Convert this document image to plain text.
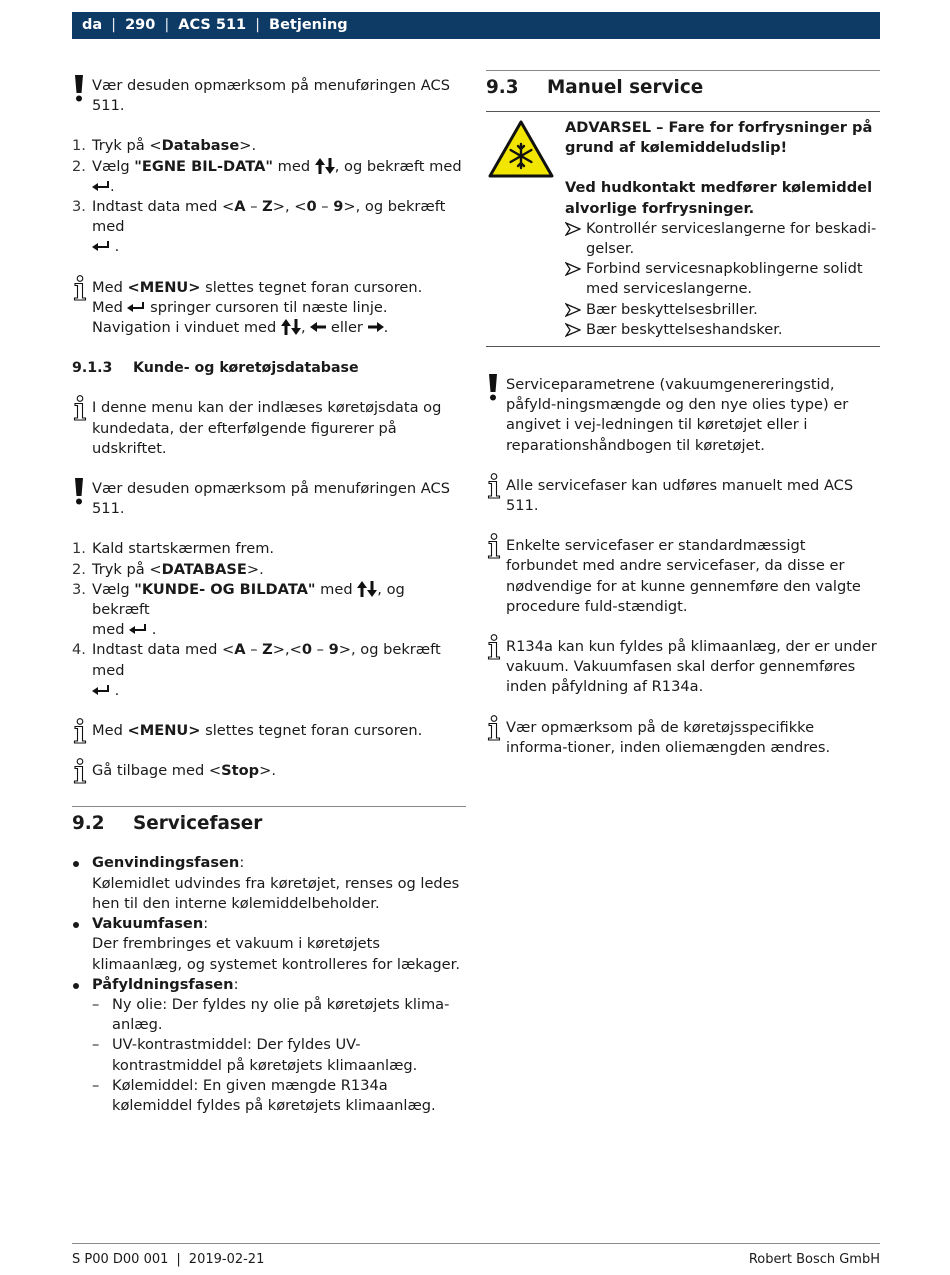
da | 290 | ACS 511 | Betjening
Vær desuden opmærksom på menuføringen ACS 511.
1. Tryk på <Database>.
2. Vælg "EGNE BIL-DATA" med , og bekræft med .
3. Indtast data med <A – Z>, <0 – 9>, og bekræft med
.
Med <MENU> slettes tegnet foran cursoren.
Med  springer cursoren til næste linje.
Navigation i vinduet med ,  eller .
9.1.3 Kunde- og køretøjsdatabase
I denne menu kan der indlæses køretøjsdata og kundedata, der efterfølgende figurerer på udskriftet.
Vær desuden opmærksom på menuføringen ACS 511.
1. Kald startskærmen frem.
2. Tryk på <DATABASE>.
3. Vælg "KUNDE- OG BILDATA" med , og bekræft
med  .
4. Indtast data med <A – Z>,<0 – 9>, og bekræft med
.
Med <MENU> slettes tegnet foran cursoren.
Gå tilbage med <Stop>.
9.2 Servicefaser
Genvindingsfasen:
Kølemidlet udvindes fra køretøjet, renses og ledes hen til den interne kølemiddelbeholder.
Vakuumfasen:
Der frembringes et vakuum i køretøjets klimaanlæg, og systemet kontrolleres for lækager.
Påfyldningsfasen:
– Ny olie: Der fyldes ny olie på køretøjets klima-anlæg.
– UV-kontrastmiddel: Der fyldes UV-kontrastmiddel på køretøjets klimaanlæg.
– Kølemiddel: En given mængde R134a kølemiddel fyldes på køretøjets klimaanlæg.
9.3 Manuel service
ADVARSEL – Fare for forfrysninger på grund af kølemiddeludslip!
Ved hudkontakt medfører kølemiddel alvorlige forfrysninger.
Kontrollér serviceslangerne for beskadi-gelser.
Forbind servicesnapkoblingerne solidt med serviceslangerne.
Bær beskyttelsesbriller.
Bær beskyttelseshandsker.
Serviceparametrene (vakuumgenereringstid, påfyld-ningsmængde og den nye olies type) er angivet i vej-ledningen til køretøjet eller i reparationshåndbogen til køretøjet.
Alle servicefaser kan udføres manuelt med ACS 511.
Enkelte servicefaser er standardmæssigt forbundet med andre servicefaser, da disse er nødvendige for at kunne gennemføre den valgte procedure fuld-stændigt.
R134a kan kun fyldes på klimaanlæg, der er under vakuum. Vakuumfasen skal derfor gennemføres inden påfyldning af R134a.
Vær opmærksom på de køretøjsspecifikke informa-tioner, inden oliemængden ændres.
S P00 D00 001 | 2019-02-21	Robert Bosch GmbH
